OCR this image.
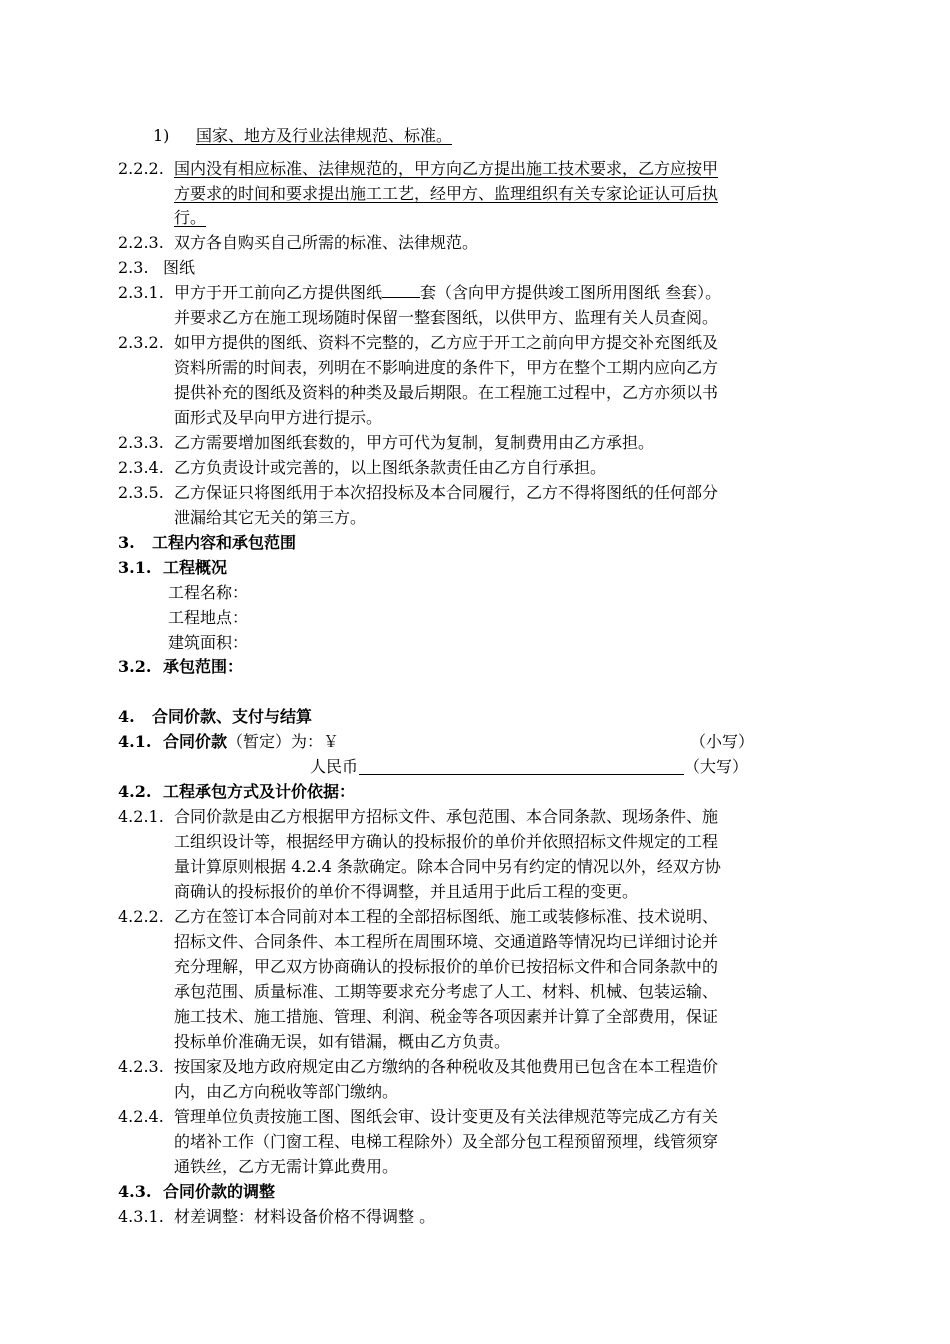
1) 国家、地方及行业法律规范、标准。
2.2.2. 国内没有相应标准、法律规范的，甲方向乙方提出施工技术要求，乙方应按甲
方要求的时间和要求提出施工工艺，经甲方、监理组织有关专家论证认可后执
行。
2.2.3. 双方各自购买自己所需的标准、法律规范。
2.3. 图纸
2.3.1. 甲方于开工前向乙方提供图纸 套（含向甲方提供竣工图所用图纸 叁套）。
并要求乙方在施工现场随时保留一整套图纸，以供甲方、监理有关人员查阅。
2.3.2. 如甲方提供的图纸、资料不完整的，乙方应于开工之前向甲方提交补充图纸及
资料所需的时间表，列明在不影响进度的条件下，甲方在整个工期内应向乙方
提供补充的图纸及资料的种类及最后期限。在工程施工过程中，乙方亦须以书
面形式及早向甲方进行提示。
2.3.3. 乙方需要增加图纸套数的，甲方可代为复制，复制费用由乙方承担。
2.3.4. 乙方负责设计或完善的，以上图纸条款责任由乙方自行承担。
2.3.5. 乙方保证只将图纸用于本次招投标及本合同履行，乙方不得将图纸的任何部分
泄漏给其它无关的第三方。
3. 工程内容和承包范围
3.1. 工程概况
工程名称：
工程地点：
建筑面积：
3.2. 承包范围：
4. 合同价款、支付与结算
4.1. 合同价款（暂定）为：￥	（小写）
人民币	（大写）
4.2. 工程承包方式及计价依据：
4.2.1. 合同价款是由乙方根据甲方招标文件、承包范围、本合同条款、现场条件、施
工组织设计等，根据经甲方确认的投标报价的单价并依照招标文件规定的工程
量计算原则根据 4.2.4 条款确定。除本合同中另有约定的情况以外，经双方协
商确认的投标报价的单价不得调整，并且适用于此后工程的变更。
4.2.2. 乙方在签订本合同前对本工程的全部招标图纸、施工或装修标准、技术说明、
招标文件、合同条件、本工程所在周围环境、交通道路等情况均已详细讨论并
充分理解，甲乙双方协商确认的投标报价的单价已按招标文件和合同条款中的
承包范围、质量标准、工期等要求充分考虑了人工、材料、机械、包装运输、
施工技术、施工措施、管理、利润、税金等各项因素并计算了全部费用，保证
投标单价准确无误，如有错漏，概由乙方负责。
4.2.3. 按国家及地方政府规定由乙方缴纳的各种税收及其他费用已包含在本工程造价
内，由乙方向税收等部门缴纳。
4.2.4. 管理单位负责按施工图、图纸会审、设计变更及有关法律规范等完成乙方有关
的堵补工作（门窗工程、电梯工程除外）及全部分包工程预留预埋，线管须穿
通铁丝，乙方无需计算此费用。
4.3. 合同价款的调整
4.3.1. 材差调整：材料设备价格不得调整 。
